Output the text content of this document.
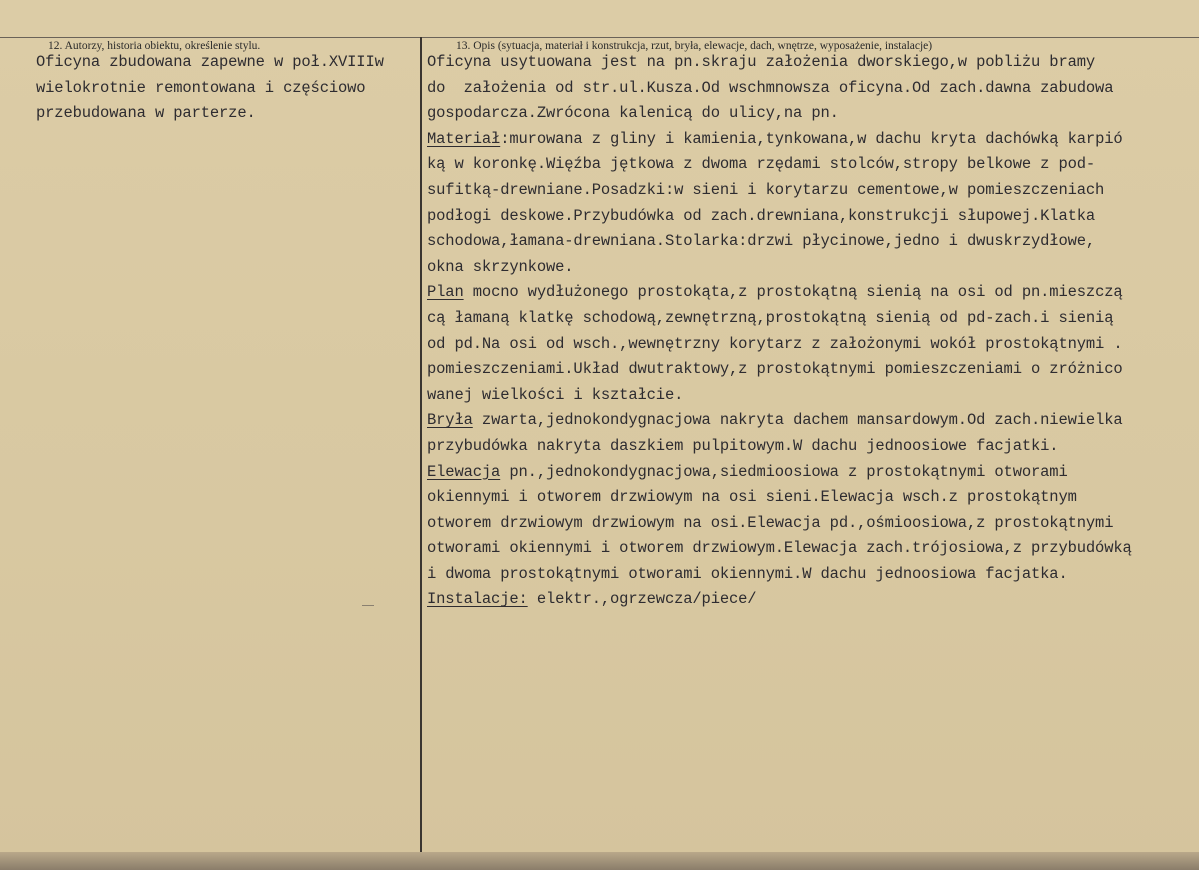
12. Autorzy, historia obiektu, określenie stylu.	13. Opis (sytuacja, materiał i konstrukcja, rzut, bryła, elewacje, dach, wnętrze, wyposażenie, instalacje)
Oficyna zbudowana zapewne w poł.XVIIIw
wielokrotnie remontowana i częściowo
przebudowana w parterze.
Oficyna usytuowana jest na pn.skraju założenia dworskiego,w pobliżu bramy
do  założenia od str.ul.Kusza.Od wschmnowsza oficyna.Od zach.dawna zabudowa
gospodarcza.Zwrócona kalenicą do ulicy,na pn.
Materiał:murowana z gliny i kamienia,tynkowana,w dachu kryta dachówką karpió
ką w koronkę.Więźba jętkowa z dwoma rzędami stolców,stropy belkowe z pod-
sufitką-drewniane.Posadzki:w sieni i korytarzu cementowe,w pomieszczeniach
podłogi deskowe.Przybudówka od zach.drewniana,konstrukcji słupowej.Klatka
schodowa,łamana-drewniana.Stolarka:drzwi płycinowe,jedno i dwuskrzydłowe,
okna skrzynkowe.
Plan mocno wydłużonego prostokąta,z prostokątną sienią na osi od pn.mieszczą
cą łamaną klatkę schodową,zewnętrzną,prostokątną sienią od pd-zach.i sienią
od pd.Na osi od wsch.,wewnętrzny korytarz z założonymi wokół prostokątnymi .
pomieszczeniami.Układ dwutraktowy,z prostokątnymi pomieszczeniami o zróżnico
wanej wielkości i kształcie.
Bryła zwarta,jednokondygnacjowa nakryta dachem mansardowym.Od zach.niewielka
przybudówka nakryta daszkiem pulpitowym.W dachu jednoosiowe facjatki.
Elewacja pn.,jednokondygnacjowa,siedmioosiowa z prostokątnymi otworami
okiennymi i otworem drzwiowym na osi sieni.Elewacja wsch.z prostokątnym
otworem drzwiowym drzwiowym na osi.Elewacja pd.,ośmioosiowa,z prostokątnymi
otworami okiennymi i otworem drzwiowym.Elewacja zach.trójosiowa,z przybudówką
i dwoma prostokątnymi otworami okiennymi.W dachu jednoosiowa facjatka.
Instalacje: elektr.,ogrzewcza/piece/
